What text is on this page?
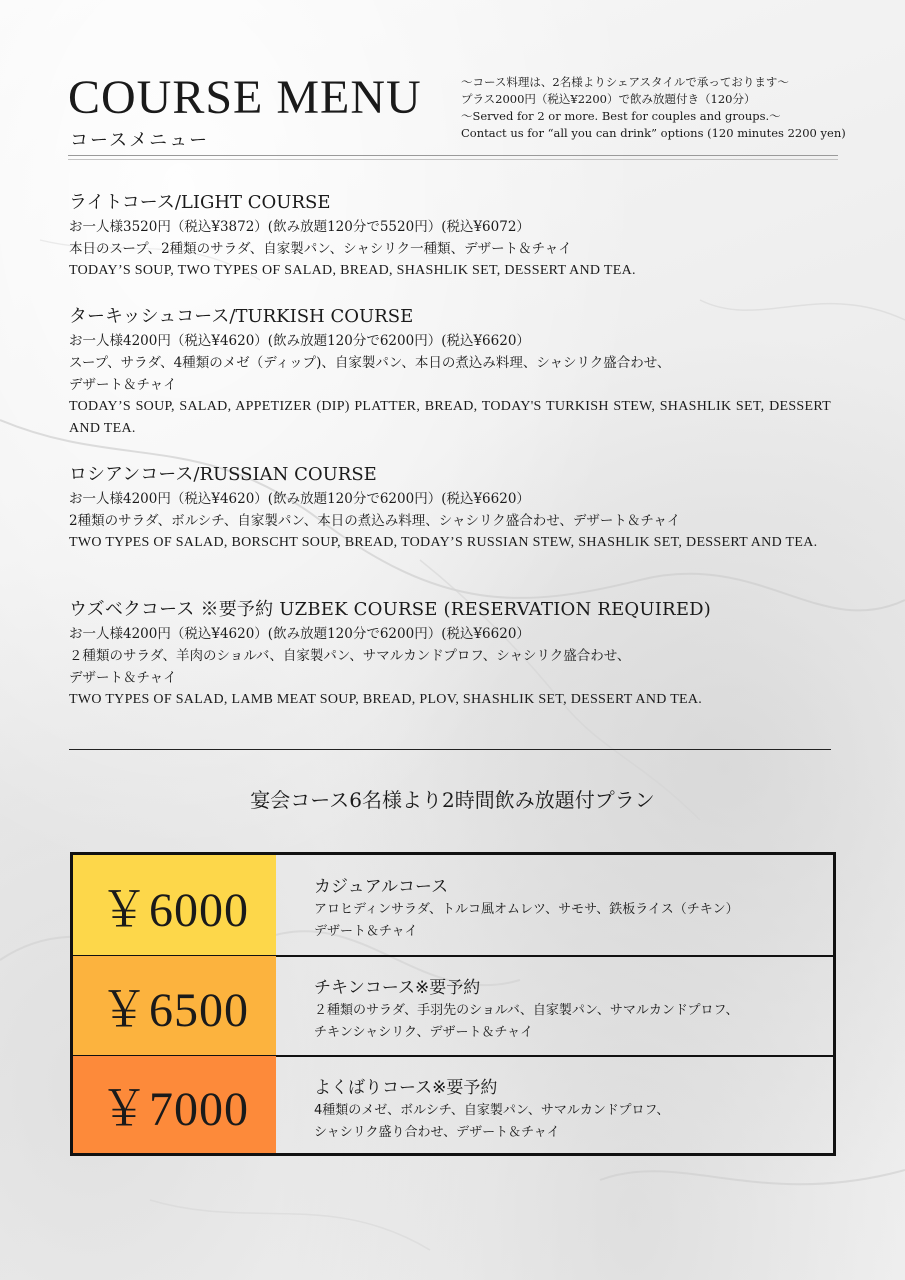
COURSE MENU
コースメニュー
〜コース料理は、2名様よりシェアスタイルで承っております〜
プラス2000円（税込¥2200）で飲み放題付き（120分）
〜Served for 2 or more. Best for couples and groups.〜
Contact us for “all you can drink” options (120 minutes 2200 yen)
ライトコース/LIGHT COURSE
お一人様3520円（税込¥3872）(飲み放題120分で5520円）(税込¥6072）
本日のスープ、2種類のサラダ、自家製パン、シャシリク一種類、デザート＆チャイ
TODAY’S SOUP, TWO TYPES OF SALAD, BREAD, SHASHLIK SET, DESSERT AND TEA.
ターキッシュコース/TURKISH COURSE
お一人様4200円（税込¥4620）(飲み放題120分で6200円）(税込¥6620）
スープ、サラダ、4種類のメゼ（ディップ)、自家製パン、本日の煮込み料理、シャシリク盛合わせ、
デザート＆チャイ
TODAY’S SOUP, SALAD, APPETIZER (DIP) PLATTER, BREAD, TODAY'S TURKISH STEW, SHASHLIK SET, DESSERT AND TEA.
ロシアンコース/RUSSIAN COURSE
お一人様4200円（税込¥4620）(飲み放題120分で6200円）(税込¥6620）
2種類のサラダ、ボルシチ、自家製パン、本日の煮込み料理、シャシリク盛合わせ、デザート＆チャイ
TWO TYPES OF SALAD, BORSCHT SOUP, BREAD, TODAY’S RUSSIAN STEW, SHASHLIK SET, DESSERT AND TEA.
ウズベクコース ※要予約 UZBEK COURSE (RESERVATION REQUIRED)
お一人様4200円（税込¥4620）(飲み放題120分で6200円）(税込¥6620）
２種類のサラダ、羊肉のショルバ、自家製パン、サマルカンドプロフ、シャシリク盛合わせ、
デザート＆チャイ
TWO TYPES OF SALAD, LAMB MEAT SOUP, BREAD, PLOV, SHASHLIK SET, DESSERT AND TEA.
宴会コース6名様より2時間飲み放題付プラン
￥6000	カジュアルコース
アロヒディンサラダ、トルコ風オムレツ、サモサ、鉄板ライス（チキン）
デザート＆チャイ
￥6500	チキンコース※要予約
２種類のサラダ、手羽先のショルバ、自家製パン、サマルカンドプロフ、
チキンシャシリク、デザート＆チャイ
￥7000	よくばりコース※要予約
4種類のメゼ、ボルシチ、自家製パン、サマルカンドプロフ、
シャシリク盛り合わせ、デザート＆チャイ
